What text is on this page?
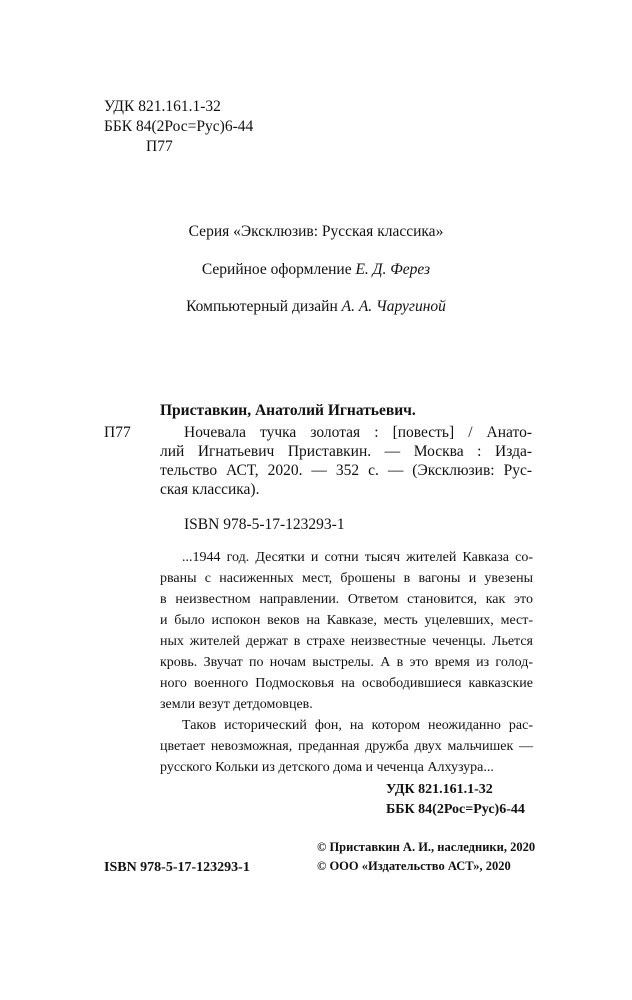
УДК 821.161.1-32
ББК 84(2Рос=Рус)6-44
П77
Серия «Эксклюзив: Русская классика»
Серийное оформление Е. Д. Ферез
Компьютерный дизайн А. А. Чаругиной
Приставкин, Анатолий Игнатьевич.
П77	Ночевала тучка золотая : [повесть] / Анато-
лий Игнатьевич Приставкин. — Москва : Изда-
тельство АСТ, 2020. — 352 с. — (Эксклюзив: Рус-
ская классика).
ISBN 978-5-17-123293-1
...1944 год. Десятки и сотни тысяч жителей Кавказа со-
рваны с насиженных мест, брошены в вагоны и увезены
в неизвестном направлении. Ответом становится, как это
и было испокон веков на Кавказе, месть уцелевших, мест-
ных жителей держат в страхе неизвестные чеченцы. Льется
кровь. Звучат по ночам выстрелы. А в это время из голод-
ного военного Подмосковья на освободившиеся кавказские
земли везут детдомовцев.
Таков исторический фон, на котором неожиданно рас-
цветает невозможная, преданная дружба двух мальчишек —
русского Кольки из детского дома и чеченца Алхузура...
УДК 821.161.1-32
ББК 84(2Рос=Рус)6-44
ISBN 978-5-17-123293-1
© Приставкин А. И., наследники, 2020
© ООО «Издательство АСТ», 2020
